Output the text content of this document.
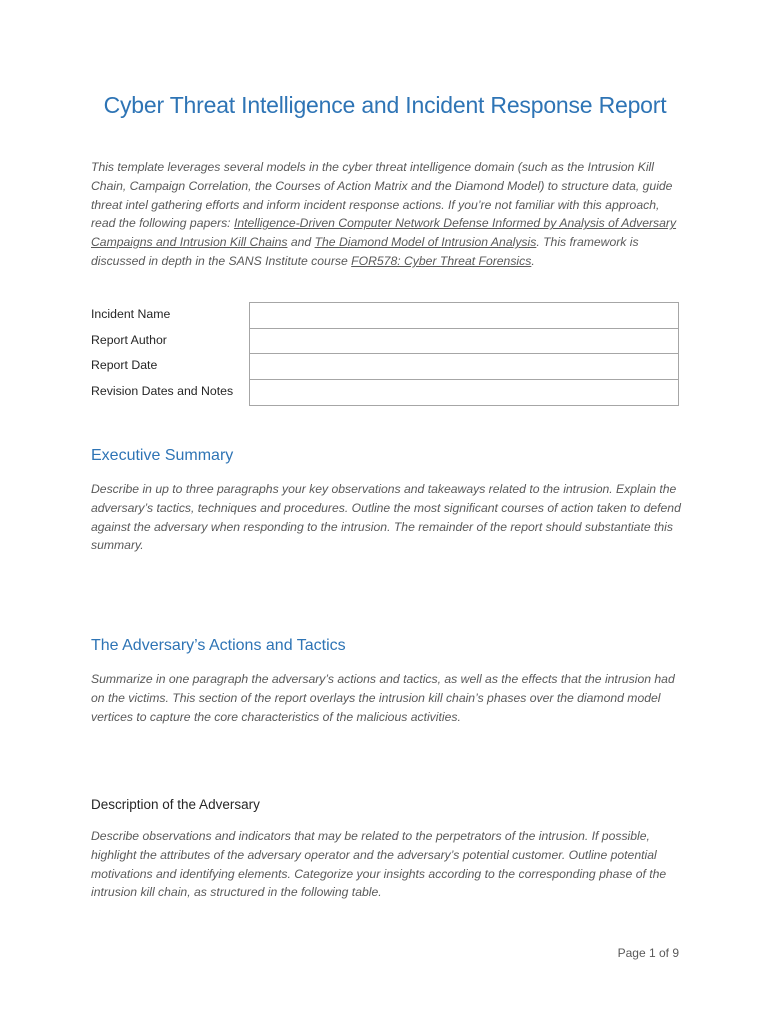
Cyber Threat Intelligence and Incident Response Report
This template leverages several models in the cyber threat intelligence domain (such as the Intrusion Kill Chain, Campaign Correlation, the Courses of Action Matrix and the Diamond Model) to structure data, guide threat intel gathering efforts and inform incident response actions. If you’re not familiar with this approach, read the following papers: Intelligence-Driven Computer Network Defense Informed by Analysis of Adversary Campaigns and Intrusion Kill Chains and The Diamond Model of Intrusion Analysis. This framework is discussed in depth in the SANS Institute course FOR578: Cyber Threat Forensics.
Incident Name
Report Author
Report Date
Revision Dates and Notes
Executive Summary
Describe in up to three paragraphs your key observations and takeaways related to the intrusion. Explain the adversary’s tactics, techniques and procedures. Outline the most significant courses of action taken to defend against the adversary when responding to the intrusion. The remainder of the report should substantiate this summary.
The Adversary’s Actions and Tactics
Summarize in one paragraph the adversary’s actions and tactics, as well as the effects that the intrusion had on the victims. This section of the report overlays the intrusion kill chain’s phases over the diamond model vertices to capture the core characteristics of the malicious activities.
Description of the Adversary
Describe observations and indicators that may be related to the perpetrators of the intrusion. If possible, highlight the attributes of the adversary operator and the adversary’s potential customer. Outline potential motivations and identifying elements. Categorize your insights according to the corresponding phase of the intrusion kill chain, as structured in the following table.
Page 1 of 9
